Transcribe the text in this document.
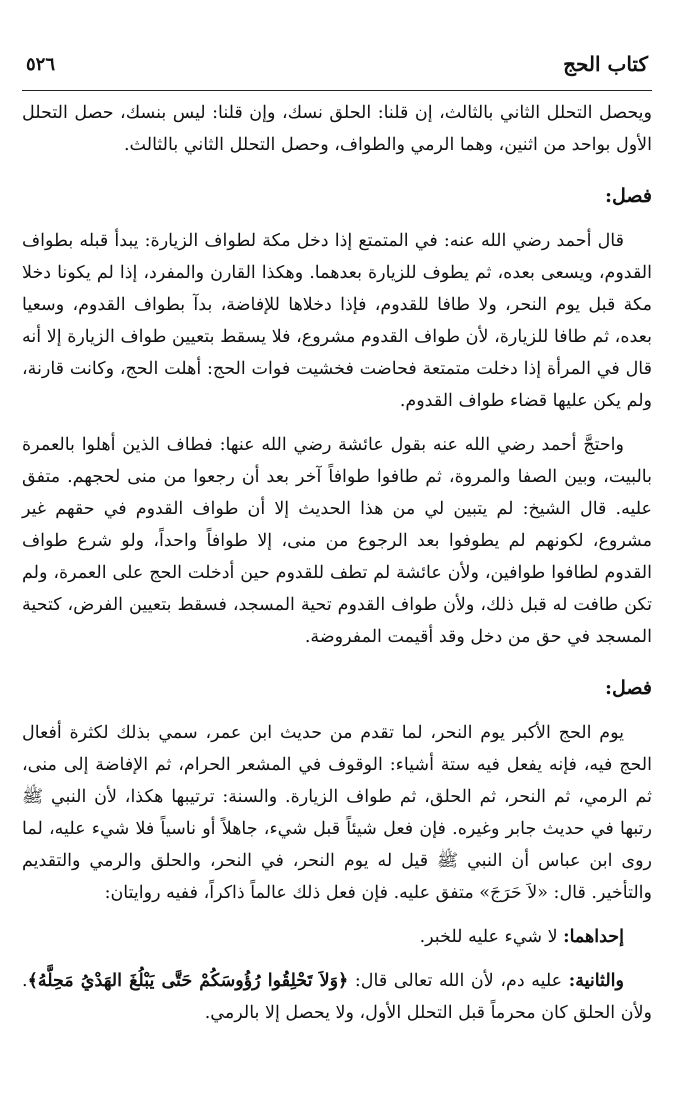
كتاب الحج
٥٢٦

ويحصل التحلل الثاني بالثالث، إن قلنا: الحلق نسك، وإن قلنا: ليس بنسك، حصل التحلل الأول بواحد من اثنين، وهما الرمي والطواف، وحصل التحلل الثاني بالثالث.

فصل:

قال أحمد رضي الله عنه: في المتمتع إذا دخل مكة لطواف الزيارة: يبدأ قبله بطواف القدوم، ويسعى بعده، ثم يطوف للزيارة بعدهما. وهكذا القارن والمفرد، إذا لم يكونا دخلا مكة قبل يوم النحر، ولا طافا للقدوم، فإذا دخلاها للإفاضة، بدآ بطواف القدوم، وسعيا بعده، ثم طافا للزيارة، لأن طواف القدوم مشروع، فلا يسقط بتعيين طواف الزيارة إلا أنه قال في المرأة إذا دخلت متمتعة فحاضت فخشيت فوات الحج: أهلت الحج، وكانت قارنة، ولم يكن عليها قضاء طواف القدوم.

واحتجَّ أحمد رضي الله عنه بقول عائشة رضي الله عنها: فطاف الذين أهلوا بالعمرة بالبيت، وبين الصفا والمروة، ثم طافوا طوافاً آخر بعد أن رجعوا من منى لحجهم. متفق عليه. قال الشيخ: لم يتبين لي من هذا الحديث إلا أن طواف القدوم في حقهم غير مشروع، لكونهم لم يطوفوا بعد الرجوع من منى، إلا طوافاً واحداً، ولو شرع طواف القدوم لطافوا طوافين، ولأن عائشة لم تطف للقدوم حين أدخلت الحج على العمرة، ولم تكن طافت له قبل ذلك، ولأن طواف القدوم تحية المسجد، فسقط بتعيين الفرض، كتحية المسجد في حق من دخل وقد أقيمت المفروضة.

فصل:

يوم الحج الأكبر يوم النحر، لما تقدم من حديث ابن عمر، سمي بذلك لكثرة أفعال الحج فيه، فإنه يفعل فيه ستة أشياء: الوقوف في المشعر الحرام، ثم الإفاضة إلى منى، ثم الرمي، ثم النحر، ثم الحلق، ثم طواف الزيارة. والسنة: ترتيبها هكذا، لأن النبي ﷺ رتبها في حديث جابر وغيره. فإن فعل شيئاً قبل شيء، جاهلاً أو ناسياً فلا شيء عليه، لما روى ابن عباس أن النبي ﷺ قيل له يوم النحر، في النحر، والحلق والرمي والتقديم والتأخير. قال: «لاَ حَرَجَ» متفق عليه. فإن فعل ذلك عالماً ذاكراً، ففيه روايتان:

إحداهما: لا شيء عليه للخبر.

والثانية: عليه دم، لأن الله تعالى قال: ﴿وَلاَ تَحْلِقُوا رُؤُوسَكُمْ حَتَّى يَبْلُغَ الهَدْيُ مَحِلَّهُ﴾. ولأن الحلق كان محرماً قبل التحلل الأول، ولا يحصل إلا بالرمي.
